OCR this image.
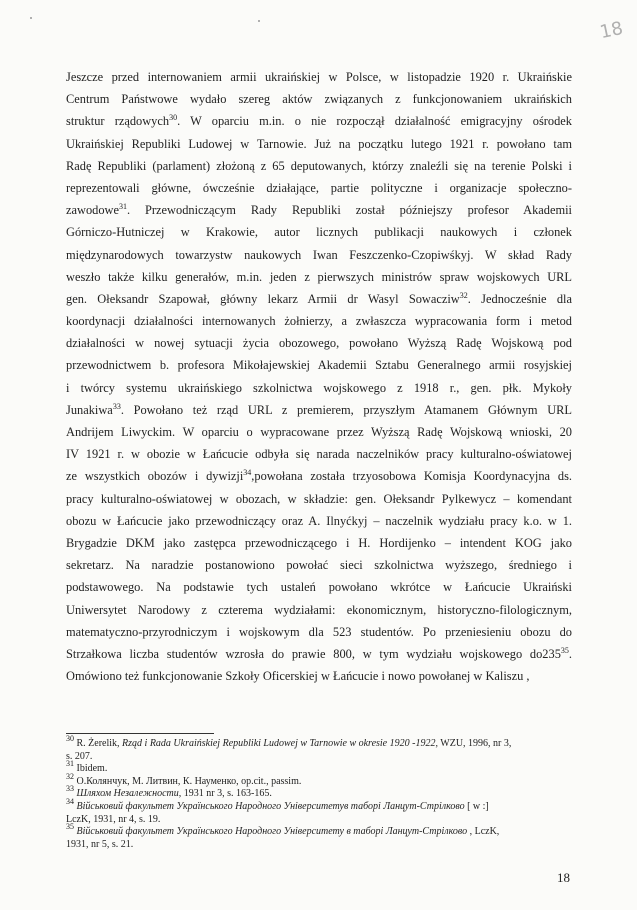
18
Jeszcze przed internowaniem armii ukraińskiej w Polsce, w listopadzie 1920 r. Ukraińskie
Centrum Państwowe wydało szereg aktów związanych z funkcjonowaniem ukraińskich
struktur rządowych$^{30}$. W oparciu m.in. o nie rozpoczął działalność emigracyjny ośrodek
Ukraińskiej Republiki Ludowej w Tarnowie. Już na początku lutego 1921 r. powołano tam
Radę Republiki (parlament) złożoną z 65 deputowanych, którzy znaleźli się na terenie Polski i
reprezentowali główne, ówcześnie działające, partie polityczne i organizacje społeczno-
zawodowe$^{31}$. Przewodniczącym Rady Republiki został późniejszy profesor Akademii
Górniczo-Hutniczej w Krakowie, autor licznych publikacji naukowych i członek
międzynarodowych towarzystw naukowych Iwan Feszczenko-Czopiwśkyj. W skład Rady
weszło także kilku generałów, m.in. jeden z pierwszych ministrów spraw wojskowych URL
gen. Ołeksandr Szapował, główny lekarz Armii dr Wasyl Sowacziw$^{32}$. Jednocześnie dla
koordynacji działalności internowanych żołnierzy, a zwłaszcza wypracowania form i metod
działalności w nowej sytuacji życia obozowego, powołano Wyższą Radę Wojskową pod
przewodnictwem b. profesora Mikołajewskiej Akademii Sztabu Generalnego armii rosyjskiej
i twórcy systemu ukraińskiego szkolnictwa wojskowego z 1918 r., gen. płk. Mykoły
Junakiwa$^{33}$. Powołano też rząd URL z premierem, przyszłym Atamanem Głównym URL
Andrijem Liwyckim. W oparciu o wypracowane przez Wyższą Radę Wojskową wnioski, 20
IV 1921 r. w obozie w Łańcucie odbyła się narada naczelników pracy kulturalno-oświatowej
ze wszystkich obozów i dywizji$^{34}$,powołana została trzyosobowa Komisja Koordynacyjna ds.
pracy kulturalno-oświatowej w obozach, w składzie: gen. Ołeksandr Pylkewycz – komendant
obozu w Łańcucie jako przewodniczący oraz A. Ilnyćkyj – naczelnik wydziału pracy k.o. w 1.
Brygadzie DKM jako zastępca przewodniczącego i H. Hordijenko – intendent KOG jako
sekretarz. Na naradzie postanowiono powołać sieci szkolnictwa wyższego, średniego i
podstawowego. Na podstawie tych ustaleń powołano wkrótce w Łańcucie Ukraiński
Uniwersytet Narodowy z czterema wydziałami: ekonomicznym, historyczno-filologicznym,
matematyczno-przyrodniczym i wojskowym dla 523 studentów. Po przeniesieniu obozu do
Strzałkowa liczba studentów wzrosła do prawie 800, w tym wydziału wojskowego $do235^{35}$.
Omówiono też funkcjonowanie Szkoły Oficerskiej w Łańcucie i nowo powołanej w Kaliszu ,
$^{30}$ R. Żerelik, Rząd i Rada Ukraińskiej Republiki Ludowej w Tarnowie w okresie 1920 -1922, WZU, 1996, nr 3,
s. 207.
$^{31}$ Ibidem.
$^{32}$ O.Колянчук, М. Литвин, К. Науменко, op.cit., passim.
$^{33}$ Шляхом Незалежности, 1931 nr 3, s. 163-165.
$^{34}$ Військовий факультет Українського Народного Університетув таборі Ланцут-Стрілково [ w :]
LczK, 1931, nr 4, s. 19.
$^{35}$ Військовий факультет Українського Народного Університету в таборі Ланцут-Стрілково , LczK,
1931, nr 5, s. 21.
18
